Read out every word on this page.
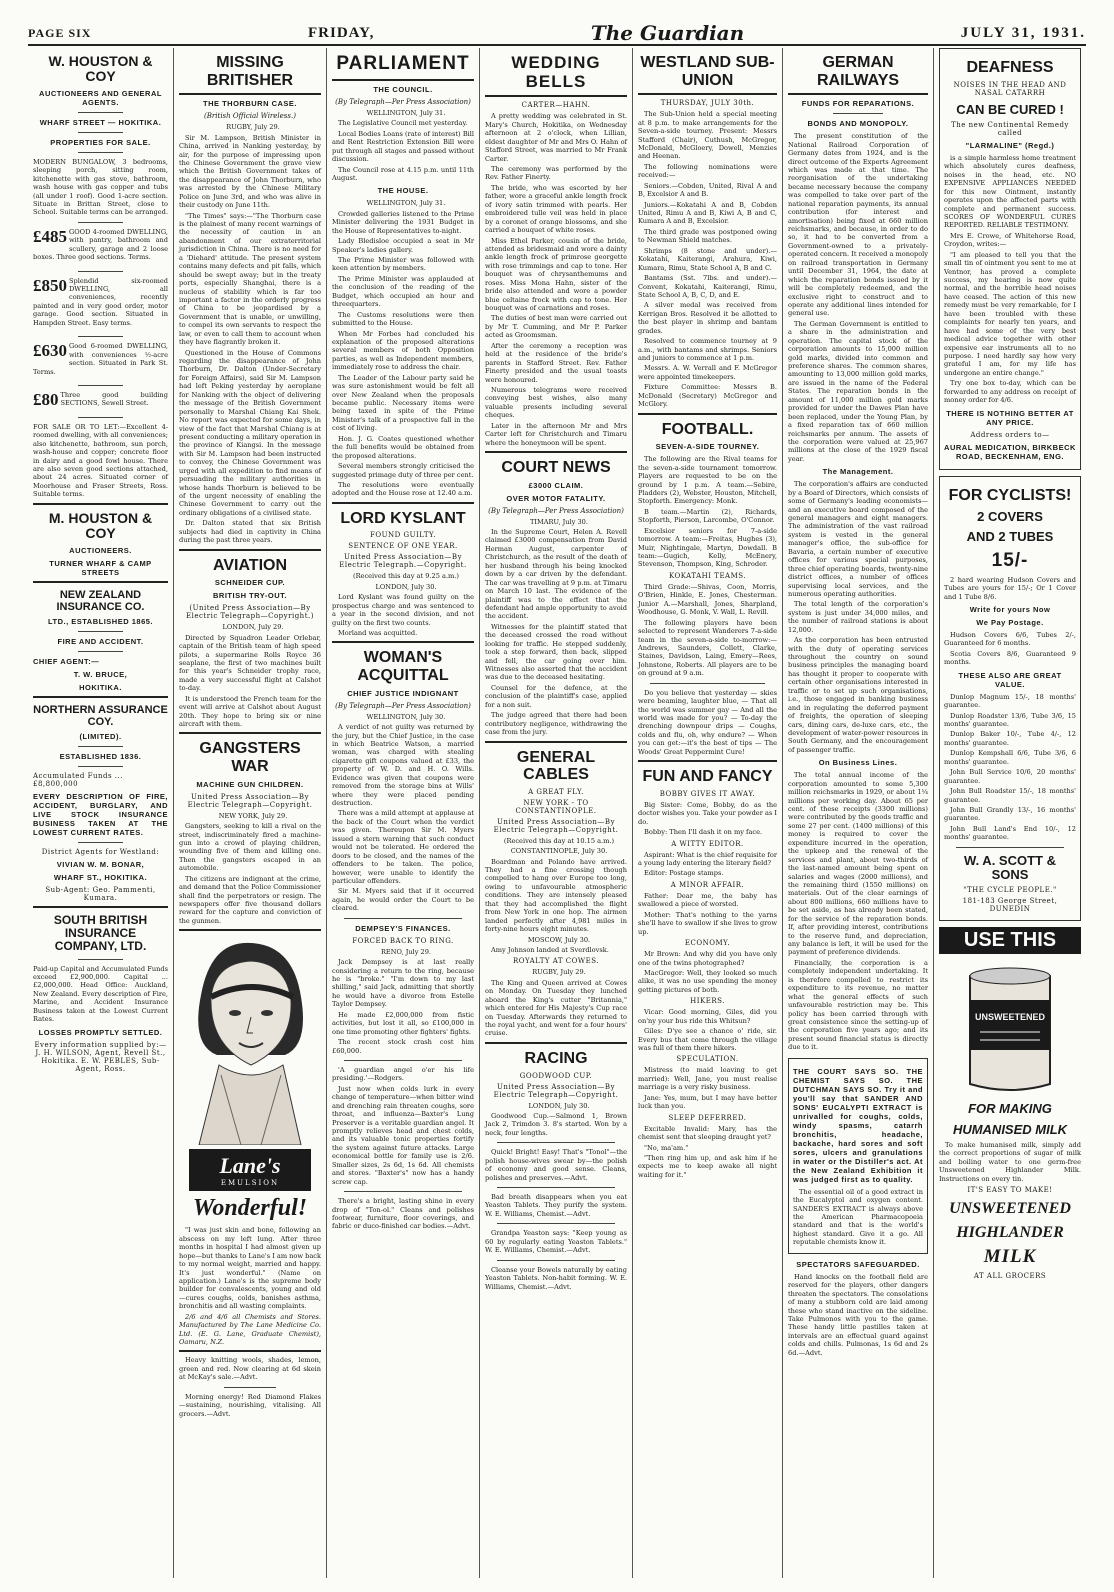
PAGE SIX	FRIDAY,	The Guardian	JULY 31, 1931.
W. HOUSTON & COY
AUCTIONEERS AND GENERAL AGENTS.
WHARF STREET — HOKITIKA.
PROPERTIES FOR SALE.
MODERN BUNGALOW, 3 bedrooms, sleeping porch, sitting room, kitchenette with gas stove, bathroom, wash house with gas copper and tubs (all under 1 roof). Good 1-acre section. Situate in Brittan Street, close to School. Suitable terms can be arranged.
£485 GOOD 4-roomed DWELLING, with pantry, bathroom and scullery, garage and 2 loose boxes. Three good sections. Terms.
£850 Splendid six-roomed DWELLING, all conveniences, recently painted and in very good order, motor garage. Good section. Situated in Hampden Street. Easy terms.
£630 Good 6-roomed DWELLING, with conveniences ½-acre section. Situated in Park St. Terms.
£80 Three good building SECTIONS, Sewell Street.
FOR SALE OR TO LET:—Excellent 4-roomed dwelling, with all conveniences; also kitchenette, bathroom, sun porch, wash-house and copper; concrete floor in dairy and a good fowl house. There are also seven good sections attached, about 24 acres. Situated corner of Moorhouse and Fraser Streets, Ross. Suitable terms.
M. HOUSTON & COY
AUCTIONEERS.
TURNER WHARF & CAMP STREETS
NEW ZEALAND INSURANCE CO.
LTD., ESTABLISHED 1865.
FIRE AND ACCIDENT.
CHIEF AGENT:—
T. W. BRUCE,
HOKITIKA.
NORTHERN ASSURANCE COY.
(LIMITED).
ESTABLISHED 1836.
Accumulated Funds ... £8,800,000
EVERY DESCRIPTION OF FIRE, ACCIDENT, BURGLARY, AND LIVE STOCK INSURANCE BUSINESS TAKEN AT THE LOWEST CURRENT RATES.
District Agents for Westland:
VIVIAN W. M. BONAR,
WHARF ST., HOKITIKA.
Sub-Agent: Geo. Pammenti, Kumara.
SOUTH BRITISH INSURANCE COMPANY, LTD.
Paid-up Capital and Accumulated Funds exceed £2,900,000. Capital ... £2,000,000. Head Office: Auckland, New Zealand. Every description of Fire, Marine, and Accident Insurance Business taken at the Lowest Current Rates.
LOSSES PROMPTLY SETTLED.
Every information supplied by:— J. H. WILSON, Agent, Revell St., Hokitika. E. W. PEBLES, Sub-Agent, Ross.
MISSING BRITISHER
THE THORBURN CASE.
(British Official Wireless.)

RUGBY, July 29.

Sir M. Lampson, British Minister in China, arrived in Nanking yesterday, by air, for the purpose of impressing upon the Chinese Government the grave view which the British Government takes of the disappearance of John Thorburn, who was arrested by the Chinese Military Police on June 3rd, and who was alive in their custody on June 11th.

"The Times" says:—"The Thorburn case is the plainest of many recent warnings of the necessity of caution in an abandonment of our extraterritorial jurisdiction in China. There is no need for a 'Diehard' attitude. The present system contains many defects and pit falls, which should be swept away; but in the treaty ports, especially Shanghai, there is a nucleus of stability which is far too important a factor in the orderly progress of China to be jeopardised by a Government that is unable, or unwilling, to compel its own servants to respect the law, or even to call them to account when they have flagrantly broken it.

Questioned in the House of Commons regarding the disappearance of John Thorburn, Dr. Dalton (Under-Secretary for Foreign Affairs), said Sir M. Lampson had left Peking yesterday by aeroplane for Nanking with the object of delivering the message of the British Government personally to Marshal Chiang Kai Shek. No report was expected for some days, in view of the fact that Marshal Chiang is at present conducting a military operation in the province of Kiangsi. In the message with Sir M. Lampson had been instructed to convey, the Chinese Government was urged with all expedition to find means of persuading the military authorities in whose hands Thorburn is believed to be of the urgent necessity of enabling the Chinese Government to carry out the ordinary obligations of a civilised state.

Dr. Dalton stated that six British subjects had died in captivity in China during the past three years.

AVIATION
SCHNEIDER CUP.
BRITISH TRY-OUT.
(United Press Association—By Electric Telegraph—Copyright.)

LONDON, July 29.

Directed by Squadron Leader Orlebar, captain of the British team of high speed pilots, a supermarine Rolls Royce 36 seaplane, the first of two machines built for this year's Schneider trophy race, made a very successful flight at Calshot to-day.

It is understood the French team for the event will arrive at Calshot about August 20th. They hope to bring six or nine aircraft with them.

GANGSTERS WAR
MACHINE GUN CHILDREN.
United Press Association—By Electric Telegraph—Copyright.

NEW YORK, July 29.

Gangsters, seeking to kill a rival on the street, indiscriminately fired a machine-gun into a crowd of playing children, wounding five of them and killing one. Then the gangsters escaped in an automobile.

The citizens are indignant at the crime, and demand that the Police Commissioner shall find the perpetrators or resign. The newspapers offer five thousand dollars reward for the capture and conviction of the gunmen.

Lane's
EMULSION
Wonderful!

"I was just skin and bone, following an abscess on my left lung. After three months in hospital I had almost given up hope—but thanks to Lane's I am now back to my normal weight, married and happy. It's just wonderful." (Name on application.) Lane's is the supreme body builder for convalescents, young and old—cures coughs, colds, banishes asthma, bronchitis and all wasting complaints.

2/6 and 4/6 all Chemists and Stores. Manufactured by The Lane Medicine Co. Ltd. (E. G. Lane, Graduate Chemist), Oamaru, N.Z.

Heavy knitting wools, shades, lemon, green and red. Now clearing at 6d skein at McKay's sale.—Advt.

Morning energy! Red Diamond Flakes —sustaining, nourishing, vitalising. All grocers.—Advt.

PARLIAMENT
THE COUNCIL.
(By Telegraph—Per Press Association)

WELLINGTON, July 31.

The Legislative Council met yesterday.

Local Bodies Loans (rate of interest) Bill and Rent Restriction Extension Bill were put through all stages and passed without discussion.

The Council rose at 4.15 p.m. until 11th August.

THE HOUSE.

WELLINGTON, July 31.

Crowded galleries listened to the Prime Minister delivering the 1931 Budget in the House of Representatives to-night.

Lady Bledisloe occupied a seat in Mr Speaker's ladies gallery.

The Prime Minister was followed with keen attention by members.

The Prime Minister was applauded at the conclusion of the reading of the Budget, which occupied an hour and threequarters.

The Customs resolutions were then submitted to the House.

When Mr Forbes had concluded his explanation of the proposed alterations several members of both Opposition parties, as well as Independent members, immediately rose to address the chair.

The Leader of the Labour party said he was sure astonishment would be felt all over New Zealand when the proposals became public. Necessary items were being taxed in spite of the Prime Minister's talk of a prospective fall in the cost of living.

Hon. J. G. Coates questioned whether the full benefits would be obtained from the proposed alterations.

Several members strongly criticised the suggested primage duty of three per cent.

The resolutions were eventually adopted and the House rose at 12.40 a.m.

LORD KYSLANT
FOUND GUILTY.
SENTENCE OF ONE YEAR.
United Press Association—By Electric Telegraph.—Copyright.

(Received this day at 9.25 a.m.)

LONDON, July 30.

Lord Kyslant was found guilty on the prospectus charge and was sentenced to a year in the second division, and not guilty on the first two counts.

Morland was acquitted.

WOMAN'S ACQUITTAL
CHIEF JUSTICE INDIGNANT
(By Telegraph—Per Press Association)

WELLINGTON, July 30.

A verdict of not guilty was returned by the jury, but the Chief Justice, in the case in which Beatrice Watson, a married woman, was charged with stealing cigarette gift coupons valued at £33, the property of W. D. and H. O. Wills. Evidence was given that coupons were removed from the storage bins at Wills' where they were placed pending destruction.

There was a mild attempt at applause at the back of the Court when the verdict was given. Thereupon Sir M. Myers issued a stern warning that such conduct would not be tolerated. He ordered the doors to be closed, and the names of the offenders to be taken. The police, however, were unable to identify the particular offenders.

Sir M. Myers said that if it occurred again, he would order the Court to be cleared.

DEMPSEY'S FINANCES.
FORCED BACK TO RING.

RENO, July 29.

Jack Dempsey is at last really considering a return to the ring, because he is "broke." "I'm down to my last shilling," said Jack, admitting that shortly he would have a divorce from Estelle Taylor Dempsey.

He made £2,000,000 from fistic activities, but lost it all, so £100,000 in one time promoting other fighters' fights.

The recent stock crash cost him £60,000.

'A guardian angel o'er his life presiding.'—Rodgers.

Just now when colds lurk in every change of temperature—when bitter wind and drenching rain threaten coughs, sore throat, and influenza—Baxter's Lung Preserver is a veritable guardian angel. It promptly relieves head and chest colds, and its valuable tonic properties fortify the system against future attacks. Large economical bottle for family use is 2/6. Smaller sizes, 2s 6d, 1s 6d. All chemists and stores. "Baxter's" now has a handy screw cap.

There's a bright, lasting shine in every drop of "Ton-ol." Cleans and polishes footwear, furniture, floor coverings, and fabric or duco-finished car bodies.—Advt.

WEDDING BELLS
CARTER—HAHN.

A pretty wedding was celebrated in St. Mary's Church, Hokitika, on Wednesday afternoon at 2 o'clock, when Lillian, eldest daughter of Mr and Mrs O. Hahn of Stafford Street, was married to Mr Frank Carter.

The ceremony was performed by the Rev. Father Finerty.

The bride, who was escorted by her father, wore a graceful ankle length frock of ivory satin trimmed with pearls. Her embroidered tulle veil was held in place by a coronet of orange blossoms, and she carried a bouquet of white roses.

Miss Ethel Parker, cousin of the bride, attended as bridesmaid and wore a dainty ankle length frock of primrose georgette with rose trimmings and cap to tone. Her bouquet was of chrysanthemums and roses. Miss Mona Hahn, sister of the bride also attended and wore a powder blue celtaine frock with cap to tone. Her bouquet was of carnations and roses.

The duties of best man were carried out by Mr T. Cumming, and Mr P. Parker acted as Groomsman.

After the ceremony a reception was held at the residence of the bride's parents in Stafford Street. Rev. Father Finerty presided and the usual toasts were honoured.

Numerous telegrams were received conveying best wishes, also many valuable presents including several cheques.

Later in the afternoon Mr and Mrs Carter left for Christchurch and Timaru where the honeymoon will be spent.

COURT NEWS
£3000 CLAIM.
OVER MOTOR FATALITY.
(By Telegraph—Per Press Association)

TIMARU, July 30.

In the Supreme Court, Helen A. Revell claimed £3000 compensation from David Herman August, carpenter of Christchurch, as the result of the death of her husband through his being knocked down by a car driven by the defendant. The car was travelling at 9 p.m. at Timaru on March 10 last. The evidence of the plaintiff was to the effect that the defendant had ample opportunity to avoid the accident.

Witnesses for the plaintiff stated that the deceased crossed the road without looking for traffic. He stepped suddenly, took a step forward, then back, slipped and fell, the car going over him. Witnesses also asserted that the accident was due to the deceased hesitating.

Counsel for the defence, at the conclusion of the plaintiff's case, applied for a non suit.

The judge agreed that there had been contributory negligence, withdrawing the case from the jury.

GENERAL CABLES
A GREAT FLY.
NEW YORK - TO CONSTANTINOPLE.
United Press Association—By Electric Telegraph—Copyright.

(Received this day at 10.15 a.m.)

CONSTANTINOPLE, July 30.

Boardman and Polando have arrived. They had a fine crossing though compelled to hang over Europe too long, owing to unfavourable atmospheric conditions. They are intensely pleased that they had accomplished the flight from New York in one hop. The airmen landed perfectly after 4,981 miles in forty-nine hours eight minutes.

MOSCOW, July 30.

Amy Johnson landed at Sverdlovsk.

ROYALTY AT COWES.

RUGBY, July 29.

The King and Queen arrived at Cowes on Monday. On Tuesday they lunched aboard the King's cutter "Britannia," which entered for His Majesty's Cup race on Tuesday. Afterwards they returned to the royal yacht, and went for a four hours' cruise.

RACING
GOODWOOD CUP.
United Press Association—By Electric Telegraph—Copyright.

LONDON, July 30.

Goodwood Cup.—Salmond 1, Brown Jack 2, Trimdon 3. 8's started. Won by a neck, four lengths.

Quick! Bright! Easy! That's "Tonol"—the polish house-wives swear by—the polish of economy and good sense. Cleans, polishes and preserves.—Advt.

Bad breath disappears when you eat Yeaston Tablets. They purify the system. W. E. Williams, Chemist.—Advt.

Grandpa Yeaston says: "Keep young as 60 by regularly eating Yeaston Tablets." W. E. Williams, Chemist.—Advt.

Cleanse your Bowels naturally by eating Yeaston Tablets. Non-habit forming. W. E. Williams, Chemist.—Advt.

WESTLAND SUB-UNION
THURSDAY, JULY 30th.

The Sub-Union held a special meeting at 8 p.m. to make arrangements for the Seven-a-side tourney. Present: Messrs Stafford (Chair), Cuthush, McGregor, McDonald, McGloery, Dowell, Menzies and Heenan.

The following nominations were received:—

Seniors.—Cobden, United, Rival A and B, Excelsior A and B.

Juniors.—Kokatahi A and B, Cobden United, Rimu A and B, Kiwi A, B and C, Kumara A and B, Excelsior.

The third grade was postponed owing to Newman Shield matches.

Shrimps (8 stone and under).—Kokatahi, Kaiterangi, Arahura, Kiwi, Kumara, Rimu, State School A, B and C.

Bantams (Sst. 7lbs. and under).—Convent, Kokatahi, Kaiterangi, Rimu, State School A, B, C, D, and E.

A silver medal was received from Kerrigan Bros. Resolved it be allotted to the best player in shrimp and bantam grades.

Resolved to commence tourney at 9 a.m., with bantams and shrimps. Seniors and juniors to commence at 1 p.m.

Messrs. A. W. Verrall and F. McGregor were appointed timekeepers.

Fixture Committee: Messrs B. McDonald (Secretary) McGregor and McGlory.

FOOTBALL.
SEVEN-A-SIDE TOURNEY.

The following are the Rival teams for the seven-a-side tournament tomorrow. Players are requested to be on the ground by 1 p.m. A team.—Sebire, Pladders (2), Webster, Houston, Mitchell, Stopforth. Emergency: Monk.

B team.—Martin (2), Richards, Stopforth, Pierson, Larcombe, O'Connor.

Excelsior seniors for 7-a-side tomorrow. A team:—Freitas, Hughes (3), Muir, Nightingale, Martyn, Dowdall. B team:—Gugich, Kelly, McEnery, Stevenson, Thompson, King, Schroder.

KOKATAHI TEAMS.

Third Grade:—Shivas, Coon, Morris, O'Brien, Hinkle, E. Jones, Chesterman. Junior A.—Marshall, Jones, Sharpland, Woodhouse, G. Monk, V. Wall, L. Revill.

The following players have been selected to represent Wanderers 7-a-side team in the seven-a-side to-morrow:—Andrews, Saunders, Collett, Clarke, Staines, Davidson, Laing, Emery—Rees, Johnstone, Roberts. All players are to be on ground at 9 a.m.

Do you believe that yesterday — skies were beaming, laughter blue, — That all the world was summer gay — And all the world was made for you? — To-day the drenching downpour drips — Coughs, colds and flu, oh, why endure? — When you can get:—it's the best of tips — The Woods' Great Peppermint Cure!

FUN AND FANCY
BOBBY GIVES IT AWAY.

Big Sister: Come, Bobby, do as the doctor wishes you. Take your powder as I do.

Bobby: Then I'll dash it on my face.

A WITTY EDITOR.

Aspirant: What is the chief requisite for a young lady entering the literary field?

Editor: Postage stamps.

A MINOR AFFAIR.

Father: Dear me, the baby has swallowed a piece of worsted.

Mother: That's nothing to the yarns she'll have to swallow if she lives to grow up.

ECONOMY.

Mr Brown: And why did you have only one of the twins photographed?

MacGregor: Well, they looked so much alike, it was no use spending the money getting pictures of both.

HIKERS.

Vicar: Good morning, Giles, did you on'ny your bus ride this Whitsun?

Giles: D'ye see a chance o' ride, sir. Every bus that come through the village was full of them there hikers.

SPECULATION.

Mistress (to maid leaving to get married): Well, Jane, you must realise marriage is a very risky business.

Jane: Yes, mum, but I may have better luck than you.

SLEEP DEFERRED.

Excitable Invalid: Mary, has the chemist sent that sleeping draught yet?

"No, ma'am."

"Then ring him up, and ask him if he expects me to keep awake all night waiting for it."

GERMAN RAILWAYS
FUNDS FOR REPARATIONS.
BONDS AND MONOPOLY.

The present constitution of the National Railroad Corporation of Germany dates from 1924, and is the direct outcome of the Experts Agreement which was made at that time. The reorganisation of the undertaking became necessary because the company was compelled to take over part of the national reparation payments, its annual contribution (for interest and amortisation) being fixed at 660 million reichsmarks, and because, in order to do so, it had to be converted from a Government-owned to a privately-operated concern. It received a monopoly on railroad transportation in Germany until December 31, 1964, the date at which the reparation bonds issued by it will be completely redeemed, and the exclusive right to construct and to operate any additional lines intended for general use.

The German Government is entitled to a share in the administration and operation. The capital stock of the corporation amounts to 15,000 million gold marks, divided into common and preference shares. The common shares, amounting to 13,000 million gold marks, are issued in the name of the Federal States. The reparation bonds in the amount of 11,000 million gold marks provided for under the Dawes Plan have been replaced, under the Young Plan, by a fixed reparation tax of 660 million reichsmarks per annum. The assets of the corporation were valued at 25,967 millions at the close of the 1929 fiscal year.

The Management.

The corporation's affairs are conducted by a Board of Directors, which consists of some of Germany's leading economists—and an executive board composed of the general managers and eight managers. The administration of the vast railroad system is vested in the general manager's office, the sub-office for Bavaria, a certain number of executive offices for various special purposes, three chief operating boards, twenty-nine district offices, a number of offices supervising local services, and the numerous operating authorities.

The total length of the corporation's system is just under 34,000 miles, and the number of railroad stations is about 12,000.

As the corporation has been entrusted with the duty of operating services throughout the country on sound business principles the managing board has thought it proper to cooperate with certain other organisations interested in traffic or to set up such organisations, i.e., those engaged in banking business and in regulating the deferred payment of freights, the operation of sleeping cars, dining cars, de-luxe cars, etc., the development of water-power resources in South Germany, and the encouragement of passenger traffic.

On Business Lines.

The total annual income of the corporation amounted to some 5,300 million reichsmarks in 1929, or about 1¼ millions per working day. About 65 per cent. of these receipts (3300 millions) were contributed by the goods traffic and some 27 per cent. (1400 millions) of this money is required to cover the expenditure incurred in the operation, the upkeep and the renewal of the services and plant, about two-thirds of the last-named amount being spent on salaries and wages (2000 millions), and the remaining third (1550 millions) on materials. Out of the clear earnings of about 800 millions, 660 millions have to be set aside, as has already been stated, for the service of the reparation bonds. If, after providing interest, contributions to the reserve fund, and depreciation, any balance is left, it will be used for the payment of preference dividends.

Financially, the corporation is a completely independent undertaking. It is therefore compelled to restrict its expenditure to its revenue, no matter what the general effects of such unfavourable restriction may be. This policy has been carried through with great consistence since the setting-up of the corporation five years ago; and its present sound financial status is directly due to it.

THE COURT SAYS SO. THE CHEMIST SAYS SO. THE DUTCHMAN SAYS SO. Try it and you'll say that SANDER AND SONS' EUCALYPTI EXTRACT is unrivalled for coughs, colds, windy spasms, catarrh bronchitis, headache, backache, hard sores and soft sores, ulcers and granulations in water or the Distiller's act. At the New Zealand Exhibition it was judged first as to quality.

The essential oil of a good extract in the Eucalyptol and oxygen content. SANDER'S EXTRACT is always above the American Pharmacopoeia standard and that is the world's highest standard. Give it a go. All reputable chemists know it.

SPECTATORS SAFEGUARDED.

Hand knocks on the football field are reserved for the players, other dangers threaten the spectators. The consolations of many a stubborn cold are laid among these who stand inactive on the sideline. Take Pulmonos with you to the game. These handy little pastilles taken at intervals are an effectual guard against colds and chills. Pulmonas, 1s 6d and 2s 6d.—Advt.

DEAFNESS
NOISES IN THE HEAD AND NASAL CATARRH
CAN BE CURED !
The new Continental Remedy called
"LARMALINE" (Regd.)

is a simple harmless home treatment which absolutely cures deafness, noises in the head, etc. NO EXPENSIVE APPLIANCES NEEDED for this new Ointment, instantly operates upon the affected parts with complete and permanent success. SCORES OF WONDERFUL CURES REPORTED. RELIABLE TESTIMONY.

Mrs E. Crowe, of Whitehorse Road, Croydon, writes:—

"I am pleased to tell you that the small tin of ointment you sent to me at Ventnor, has proved a complete success, my hearing is now quite normal, and the horrible head noises have ceased. The action of this new remedy must be very remarkable, for I have been troubled with these complaints for nearly ten years, and have had some of the very best medical advice together with other expensive ear instruments all to no purpose. I need hardly say how very grateful I am, for my life has undergone an entire change."

Try one box to-day, which can be forwarded to any address on receipt of money order for 4/6.

THERE IS NOTHING BETTER AT ANY PRICE.
Address orders to—
AURAL MEDICATION, BIRKBECK ROAD, BECKENHAM, ENG.
FOR CYCLISTS!
2 COVERS
AND 2 TUBES
15/-

2 hard wearing Hudson Covers and Tubes are yours for 15/-; Or 1 Cover and 1 Tube 8/6.

Write for yours Now
We Pay Postage.

Hudson Covers 6/6, Tubes 2/-, Guaranteed for 6 months.

Scotia Covers 8/6, Guaranteed 9 months.

THESE ALSO ARE GREAT VALUE.

Dunlop Magnum 15/-, 18 months' guarantee.

Dunlop Roadster 13/6, Tube 3/6, 15 months' guarantee.

Dunlop Baker 10/-, Tube 4/-, 12 months' guarantee.

Dunlop Kempshall 6/6, Tube 3/6, 6 months' guarantee.

John Bull Service 10/6, 20 months' guarantee.

John Bull Roadster 15/-, 18 months' guarantee.

John Bull Grandly 13/-, 16 months' guarantee.

John Bull Land's End 10/-, 12 months' guarantee.

W. A. SCOTT & SONS
"THE CYCLE PEOPLE."
181-183 George Street, DUNEDIN
USE THIS
UNSWEETENED
FOR MAKING
HUMANISED MILK

To make humanised milk, simply add the correct proportions of sugar of milk and boiling water to one germ-free Unsweetened Highlander Milk. Instructions on every tin.

IT'S EASY TO MAKE!
UNSWEETENED
HIGHLANDER
MILK
AT ALL GROCERS
